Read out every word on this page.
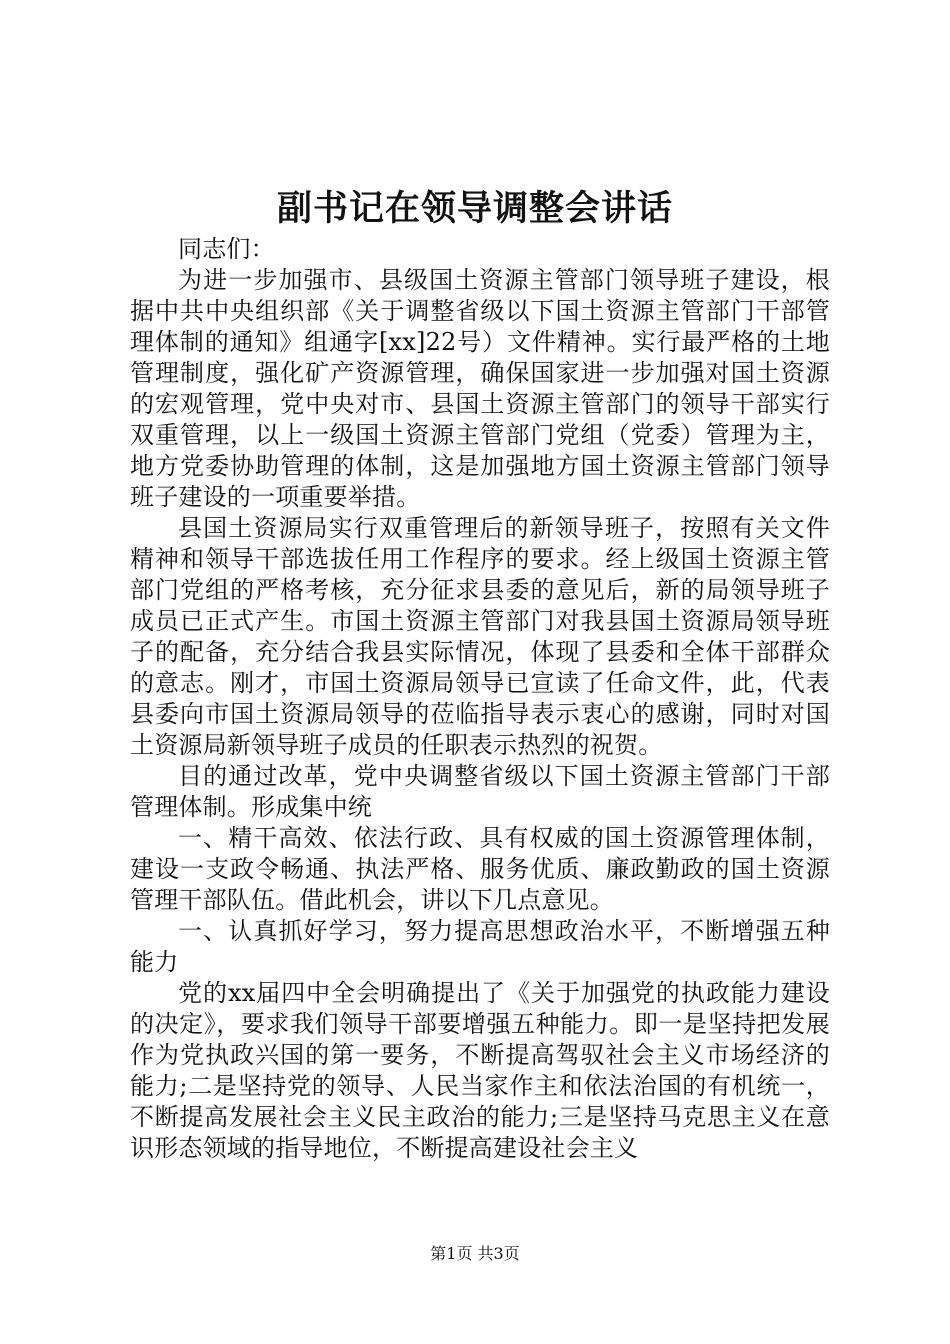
副书记在领导调整会讲话

同志们：

为进一步加强市、县级国土资源主管部门领导班子建设，根据中共中央组织部《关于调整省级以下国土资源主管部门干部管理体制的通知》组通字[xx]22号）文件精神。实行最严格的土地管理制度，强化矿产资源管理，确保国家进一步加强对国土资源的宏观管理，党中央对市、县国土资源主管部门的领导干部实行双重管理，以上一级国土资源主管部门党组（党委）管理为主，地方党委协助管理的体制，这是加强地方国土资源主管部门领导班子建设的一项重要举措。

县国土资源局实行双重管理后的新领导班子，按照有关文件精神和领导干部选拔任用工作程序的要求。经上级国土资源主管部门党组的严格考核，充分征求县委的意见后，新的局领导班子成员已正式产生。市国土资源主管部门对我县国土资源局领导班子的配备，充分结合我县实际情况，体现了县委和全体干部群众的意志。刚才，市国土资源局领导已宣读了任命文件，此，代表县委向市国土资源局领导的莅临指导表示衷心的感谢，同时对国土资源局新领导班子成员的任职表示热烈的祝贺。

目的通过改革，党中央调整省级以下国土资源主管部门干部管理体制。形成集中统

一、精干高效、依法行政、具有权威的国土资源管理体制，建设一支政令畅通、执法严格、服务优质、廉政勤政的国土资源管理干部队伍。借此机会，讲以下几点意见。

一、认真抓好学习，努力提高思想政治水平，不断增强五种能力

党的xx届四中全会明确提出了《关于加强党的执政能力建设的决定》，要求我们领导干部要增强五种能力。即一是坚持把发展作为党执政兴国的第一要务，不断提高驾驭社会主义市场经济的能力;二是坚持党的领导、人民当家作主和依法治国的有机统一，不断提高发展社会主义民主政治的能力;三是坚持马克思主义在意识形态领域的指导地位，不断提高建设社会主义

第1页 共3页
